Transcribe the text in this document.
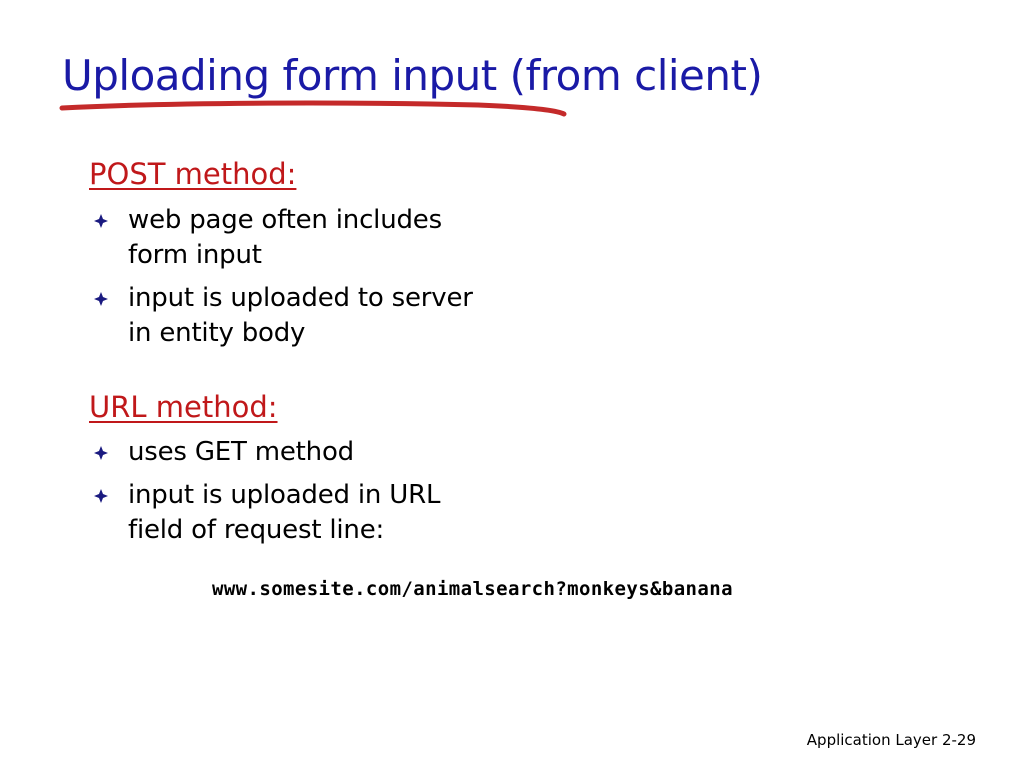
Uploading form input (from client)
POST method:
web page often includes form input
input is uploaded to server in entity body
URL method:
uses GET method
input is uploaded in URL field of request line:
www.somesite.com/animalsearch?monkeys&banana
Application Layer 2-29
